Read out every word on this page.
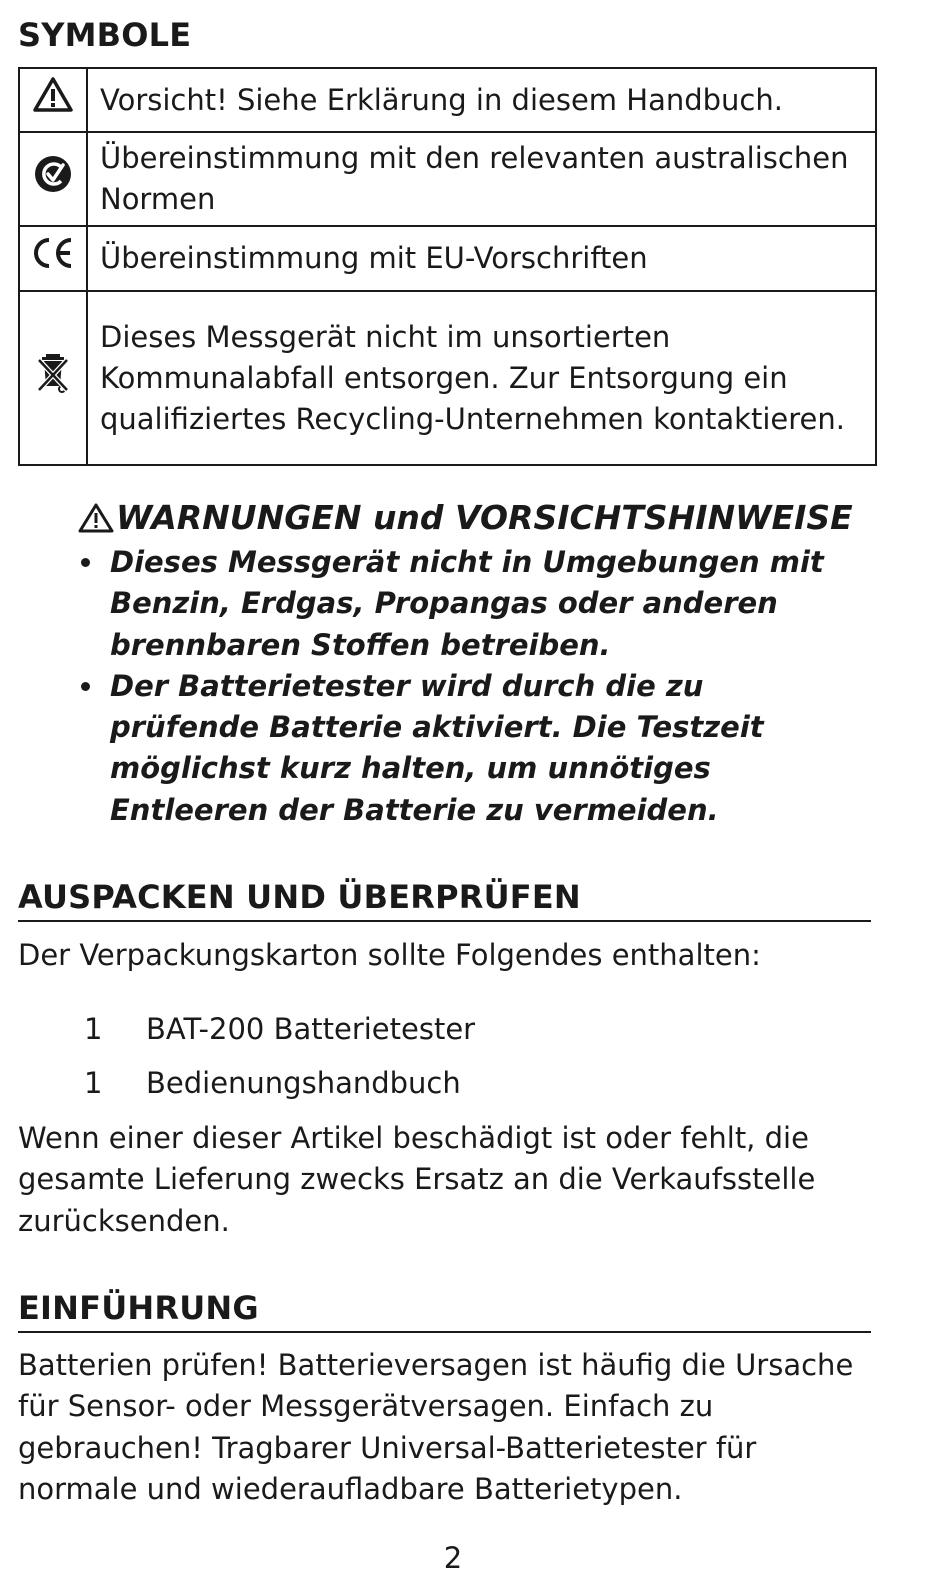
SYMBOLE
	Vorsicht! Siehe Erklärung in diesem Handbuch.
	Übereinstimmung mit den relevanten australischen Normen
	Übereinstimmung mit EU-Vorschriften
	Dieses Messgerät nicht im unsortierten Kommunalabfall entsorgen. Zur Entsorgung ein qualifiziertes Recycling-Unternehmen kontaktieren.
WARNUNGEN und VORSICHTSHINWEISE
Dieses Messgerät nicht in Umgebungen mit Benzin, Erdgas, Propangas oder anderen brennbaren Stoffen betreiben.
Der Batterietester wird durch die zu prüfende Batterie aktiviert. Die Testzeit möglichst kurz halten, um unnötiges Entleeren der Batterie zu vermeiden.
AUSPACKEN UND ÜBERPRÜFEN

Der Verpackungskarton sollte Folgendes enthalten:

1 BAT-200 Batterietester
1 Bedienungshandbuch

Wenn einer dieser Artikel beschädigt ist oder fehlt, die gesamte Lieferung zwecks Ersatz an die Verkaufsstelle zurücksenden.

EINFÜHRUNG

Batterien prüfen! Batterieversagen ist häufig die Ursache für Sensor- oder Messgerätversagen. Einfach zu gebrauchen! Tragbarer Universal-Batterietester für normale und wiederaufladbare Batterietypen.

2
